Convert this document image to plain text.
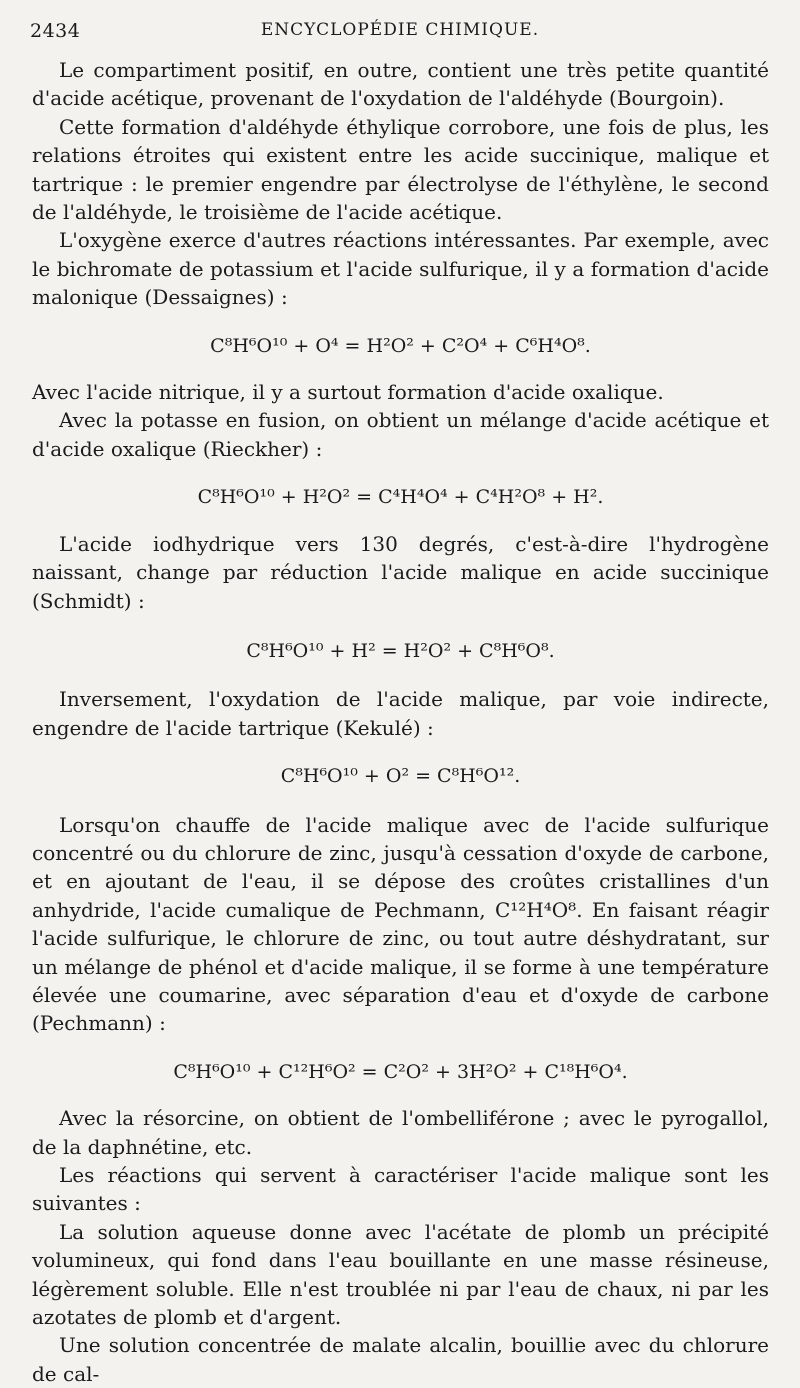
2434	ENCYCLOPÉDIE CHIMIQUE.

Le compartiment positif, en outre, contient une très petite quantité d'acide acétique, provenant de l'oxydation de l'aldéhyde (Bourgoin).

Cette formation d'aldéhyde éthylique corrobore, une fois de plus, les relations étroites qui existent entre les acide succinique, malique et tartrique : le premier engendre par électrolyse de l'éthylène, le second de l'aldéhyde, le troisième de l'acide acétique.

L'oxygène exerce d'autres réactions intéressantes. Par exemple, avec le bichromate de potassium et l'acide sulfurique, il y a formation d'acide malonique (Dessaignes) :

C⁸H⁶O¹⁰ + O⁴ = H²O² + C²O⁴ + C⁶H⁴O⁸.

Avec l'acide nitrique, il y a surtout formation d'acide oxalique.

Avec la potasse en fusion, on obtient un mélange d'acide acétique et d'acide oxalique (Rieckher) :

C⁸H⁶O¹⁰ + H²O² = C⁴H⁴O⁴ + C⁴H²O⁸ + H².

L'acide iodhydrique vers 130 degrés, c'est-à-dire l'hydrogène naissant, change par réduction l'acide malique en acide succinique (Schmidt) :

C⁸H⁶O¹⁰ + H² = H²O² + C⁸H⁶O⁸.

Inversement, l'oxydation de l'acide malique, par voie indirecte, engendre de l'acide tartrique (Kekulé) :

C⁸H⁶O¹⁰ + O² = C⁸H⁶O¹².

Lorsqu'on chauffe de l'acide malique avec de l'acide sulfurique concentré ou du chlorure de zinc, jusqu'à cessation d'oxyde de carbone, et en ajoutant de l'eau, il se dépose des croûtes cristallines d'un anhydride, l'acide cumalique de Pechmann, C¹²H⁴O⁸. En faisant réagir l'acide sulfurique, le chlorure de zinc, ou tout autre déshydratant, sur un mélange de phénol et d'acide malique, il se forme à une température élevée une coumarine, avec séparation d'eau et d'oxyde de carbone (Pechmann) :

C⁸H⁶O¹⁰ + C¹²H⁶O² = C²O² + 3H²O² + C¹⁸H⁶O⁴.

Avec la résorcine, on obtient de l'ombelliférone ; avec le pyrogallol, de la daphnétine, etc.

Les réactions qui servent à caractériser l'acide malique sont les suivantes :

La solution aqueuse donne avec l'acétate de plomb un précipité volumineux, qui fond dans l'eau bouillante en une masse résineuse, légèrement soluble. Elle n'est troublée ni par l'eau de chaux, ni par les azotates de plomb et d'argent.

Une solution concentrée de malate alcalin, bouillie avec du chlorure de cal-
